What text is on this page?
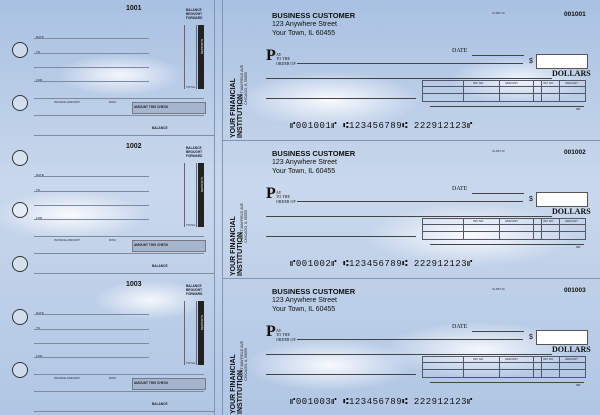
1001	BALANCE
BROUGHT
FORWARD
DEPOSITS
DATE
TO
FOR
TOTAL
INVOICE AMOUNT	DISC
AMOUNT THIS CHECK
BALANCE	YOUR FINANCIAL INSTITUTION
3 WEST MAYFIELD AVE
CHICAGO, IL 55555
BUSINESS CUSTOMER
123 Anywhere Street
Your Town, IL 60455
01-88/710	001001
DATE
P AY
TO THE
ORDER OF	$
DOLLARS
INV NO	AMOUNT	INV NO	AMOUNT
MP
⑈001001⑈ ⑆123456789⑆ 222912123⑈
1002	BALANCE
BROUGHT
FORWARD
DEPOSITS
DATE
TO
FOR
TOTAL
INVOICE AMOUNT	DISC
AMOUNT THIS CHECK
BALANCE	YOUR FINANCIAL INSTITUTION
3 WEST MAYFIELD AVE
CHICAGO, IL 55555
BUSINESS CUSTOMER
123 Anywhere Street
Your Town, IL 60455
01-88/710	001002
DATE
P AY
TO THE
ORDER OF	$
DOLLARS
INV NO	AMOUNT	INV NO	AMOUNT
MP
⑈001002⑈ ⑆123456789⑆ 222912123⑈
1003	BALANCE
BROUGHT
FORWARD
DEPOSITS
DATE
TO
FOR
TOTAL
INVOICE AMOUNT	DISC
AMOUNT THIS CHECK
BALANCE	YOUR FINANCIAL INSTITUTION
3 WEST MAYFIELD AVE
CHICAGO, IL 55555
BUSINESS CUSTOMER
123 Anywhere Street
Your Town, IL 60455
01-88/710	001003
DATE
P AY
TO THE
ORDER OF	$
DOLLARS
INV NO	AMOUNT	INV NO	AMOUNT
MP
⑈001003⑈ ⑆123456789⑆ 222912123⑈
